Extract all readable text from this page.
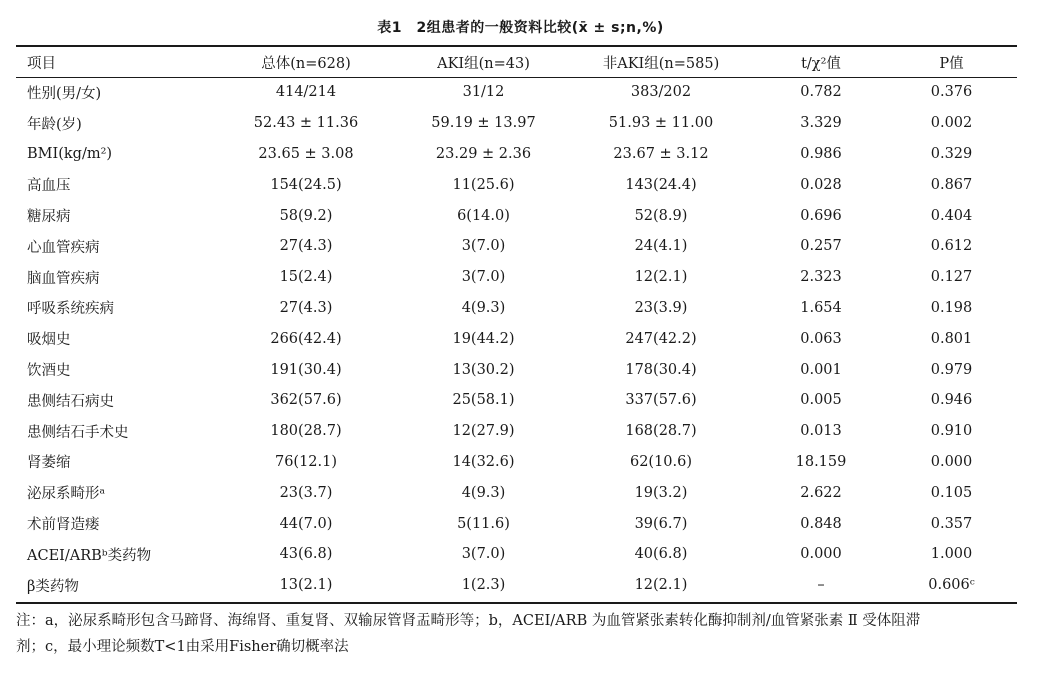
表1　2组患者的一般资料比较(x̄ ± s;n,%)
项目	总体(n=628)	AKI组(n=43)	非AKI组(n=585)	t/χ²值	P值
性别(男/女)	414/214	31/12	383/202	0.782	0.376
年龄(岁)	52.43 ± 11.36	59.19 ± 13.97	51.93 ± 11.00	3.329	0.002
BMI(kg/m²)	23.65 ± 3.08	23.29 ± 2.36	23.67 ± 3.12	0.986	0.329
高血压	154(24.5)	11(25.6)	143(24.4)	0.028	0.867
糖尿病	58(9.2)	6(14.0)	52(8.9)	0.696	0.404
心血管疾病	27(4.3)	3(7.0)	24(4.1)	0.257	0.612
脑血管疾病	15(2.4)	3(7.0)	12(2.1)	2.323	0.127
呼吸系统疾病	27(4.3)	4(9.3)	23(3.9)	1.654	0.198
吸烟史	266(42.4)	19(44.2)	247(42.2)	0.063	0.801
饮酒史	191(30.4)	13(30.2)	178(30.4)	0.001	0.979
患侧结石病史	362(57.6)	25(58.1)	337(57.6)	0.005	0.946
患侧结石手术史	180(28.7)	12(27.9)	168(28.7)	0.013	0.910
肾萎缩	76(12.1)	14(32.6)	62(10.6)	18.159	0.000
泌尿系畸形ᵃ	23(3.7)	4(9.3)	19(3.2)	2.622	0.105
术前肾造瘘	44(7.0)	5(11.6)	39(6.7)	0.848	0.357
ACEI/ARBᵇ类药物	43(6.8)	3(7.0)	40(6.8)	0.000	1.000
β类药物	13(2.1)	1(2.3)	12(2.1)	–	0.606ᶜ
注：a，泌尿系畸形包含马蹄肾、海绵肾、重复肾、双输尿管肾盂畸形等；b，ACEI/ARB 为血管紧张素转化酶抑制剂/血管紧张素 Ⅱ 受体阻滞
剂；c，最小理论频数T<1由采用Fisher确切概率法
